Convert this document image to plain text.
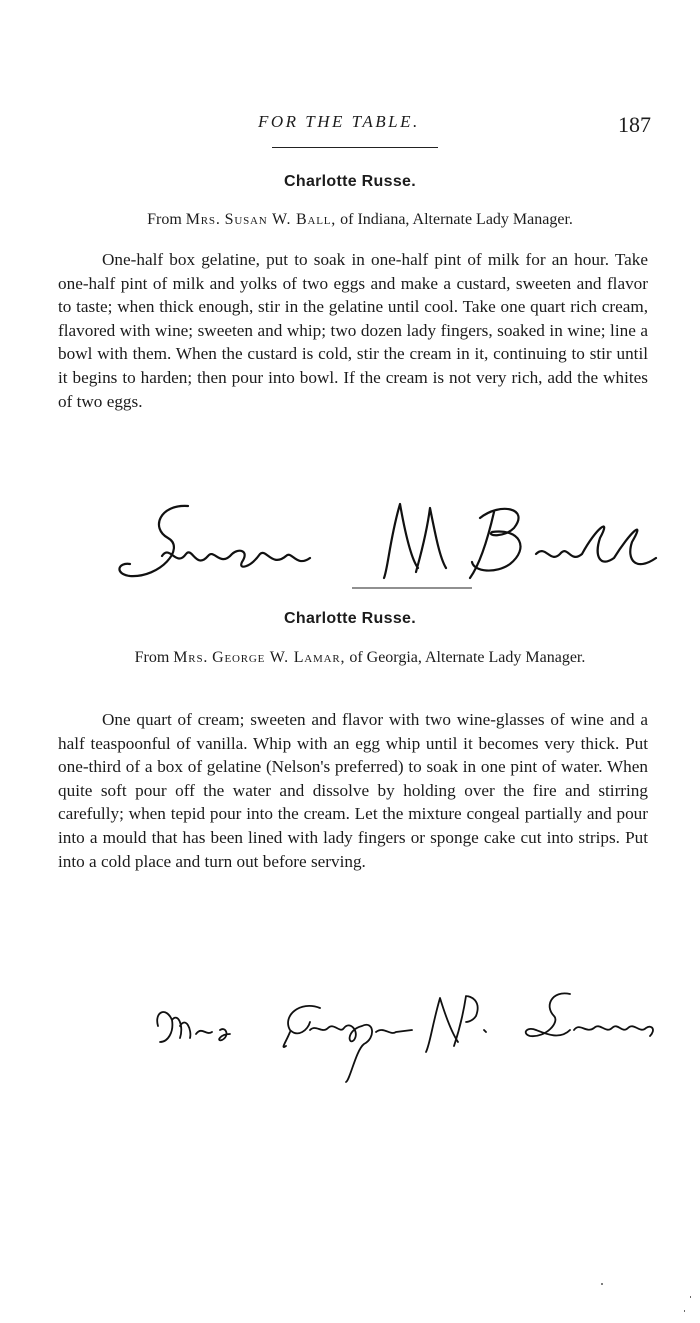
FOR THE TABLE.	187
Charlotte Russe.
From Mrs. Susan W. Ball, of Indiana, Alternate Lady Manager.
One-half box gelatine, put to soak in one-half pint of milk for an hour. Take one-half pint of milk and yolks of two eggs and make a custard, sweeten and flavor to taste; when thick enough, stir in the gelatine until cool. Take one quart rich cream, flavored with wine; sweeten and whip; two dozen lady fingers, soaked in wine; line a bowl with them. When the custard is cold, stir the cream in it, continuing to stir until it begins to harden; then pour into bowl. If the cream is not very rich, add the whites of two eggs.
Charlotte Russe.
From Mrs. George W. Lamar, of Georgia, Alternate Lady Manager.
One quart of cream; sweeten and flavor with two wine-glasses of wine and a half teaspoonful of vanilla. Whip with an egg whip until it becomes very thick. Put one-third of a box of gelatine (Nelson's preferred) to soak in one pint of water. When quite soft pour off the water and dissolve by holding over the fire and stirring carefully; when tepid pour into the cream. Let the mixture congeal partially and pour into a mould that has been lined with lady fingers or sponge cake cut into strips. Put into a cold place and turn out before serving.
